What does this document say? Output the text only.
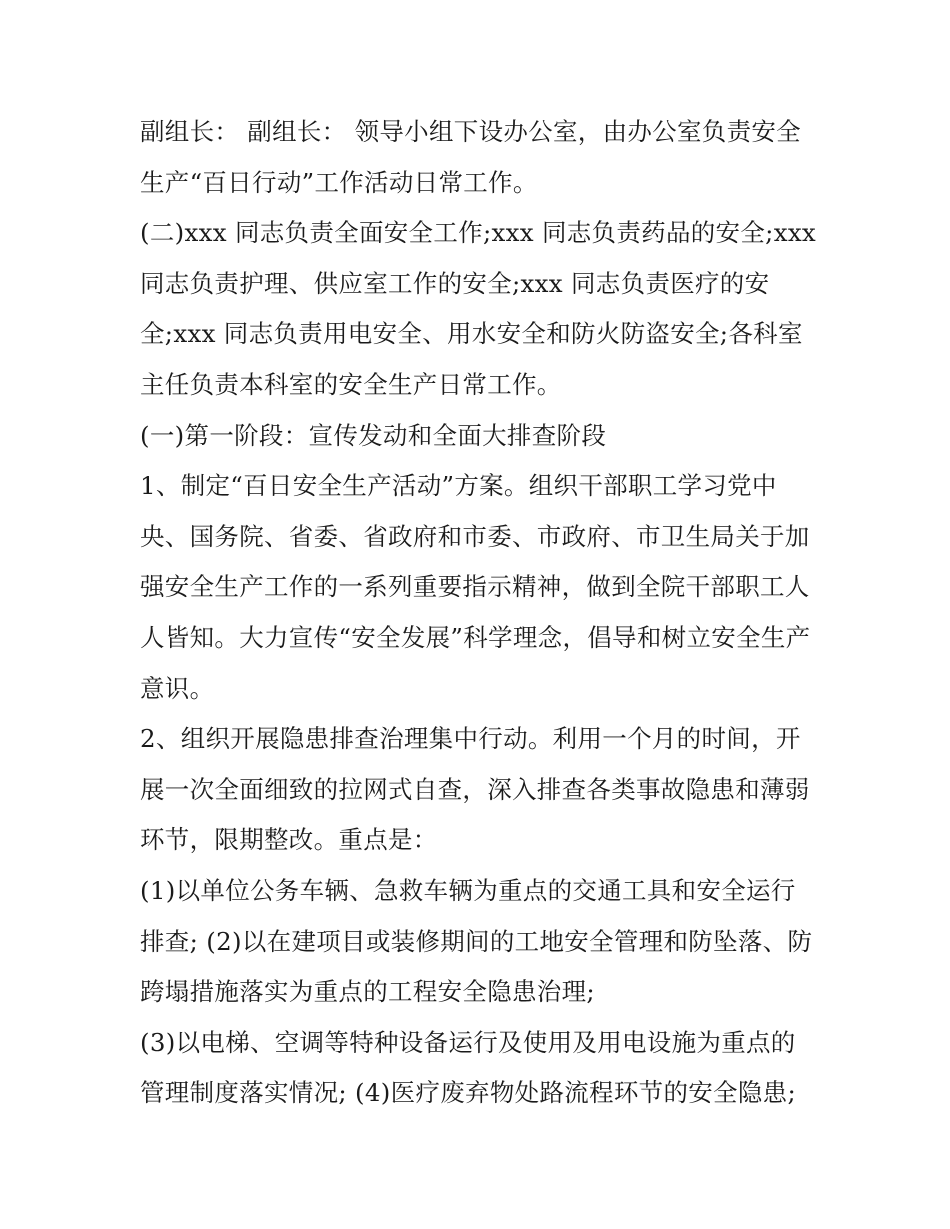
副组长： 副组长： 领导小组下设办公室，由办公室负责安全
生产“百日行动”工作活动日常工作。
(二)xxx 同志负责全面安全工作;xxx 同志负责药品的安全;xxx
同志负责护理、供应室工作的安全;xxx 同志负责医疗的安
全;xxx 同志负责用电安全、用水安全和防火防盗安全;各科室
主任负责本科室的安全生产日常工作。
(一)第一阶段：宣传发动和全面大排查阶段
1、制定“百日安全生产活动”方案。组织干部职工学习党中
央、国务院、省委、省政府和市委、市政府、市卫生局关于加
强安全生产工作的一系列重要指示精神，做到全院干部职工人
人皆知。大力宣传“安全发展”科学理念，倡导和树立安全生产
意识。
2、组织开展隐患排查治理集中行动。利用一个月的时间，开
展一次全面细致的拉网式自查，深入排查各类事故隐患和薄弱
环节，限期整改。重点是：
(1)以单位公务车辆、急救车辆为重点的交通工具和安全运行
排查; (2)以在建项目或装修期间的工地安全管理和防坠落、防
跨塌措施落实为重点的工程安全隐患治理;
(3)以电梯、空调等特种设备运行及使用及用电设施为重点的
管理制度落实情况; (4)医疗废弃物处路流程环节的安全隐患;
